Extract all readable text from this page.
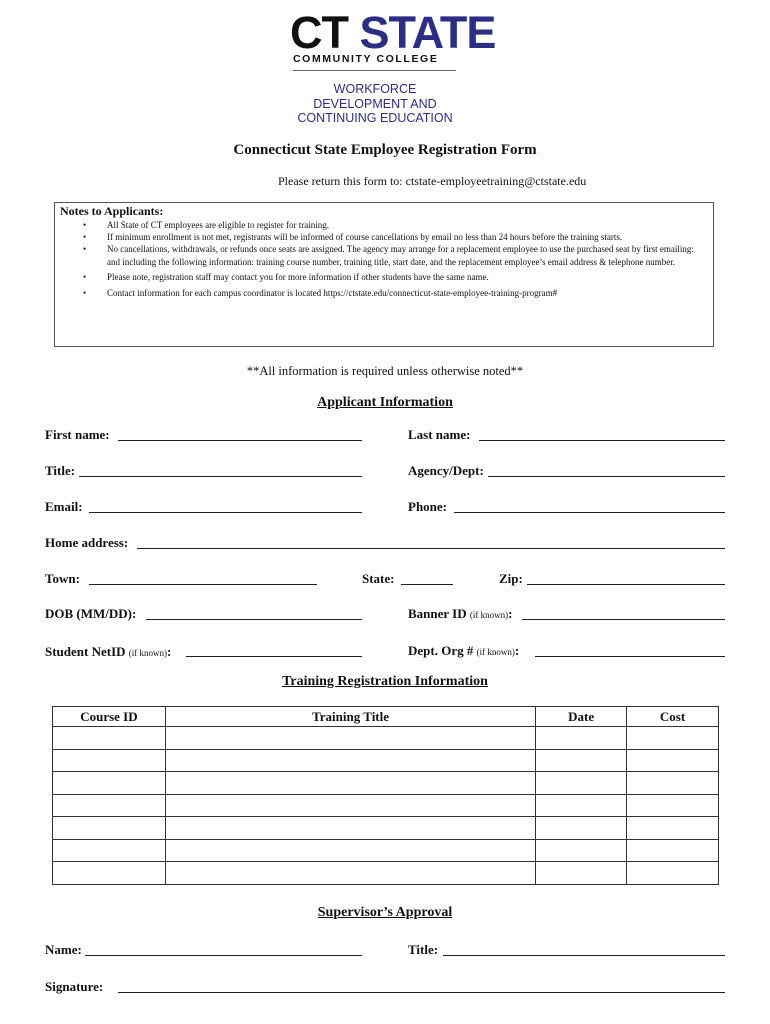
CT STATE
COMMUNITY COLLEGE
WORKFORCE
DEVELOPMENT AND
CONTINUING EDUCATION
Connecticut State Employee Registration Form
Please return this form to: ctstate-employeetraining@ctstate.edu
Notes to Applicants:
• All State of CT employees are eligible to register for training.
• If minimum enrollment is not met, registrants will be informed of course cancellations by email no less than 24 hours before the training starts.
• No cancellations, withdrawals, or refunds once seats are assigned. The agency may arrange for a replacement employee to use the purchased seat by first emailing: and including the following information: training course number, training title, start date, and the replacement employee’s email address & telephone number.
• Please note, registration staff may contact you for more information if other students have the same name.
• Contact information for each campus coordinator is located https://ctstate.edu/connecticut-state-employee-training-program#
**All information is required unless otherwise noted**
Applicant Information
First name:	Last name:
Title:	Agency/Dept:
Email:	Phone:
Home address:
Town:	State:	Zip:
DOB (MM/DD):	Banner ID (if known):
Student NetID (if known):	Dept. Org # (if known):
Training Registration Information
Course ID	Training Title	Date	Cost

Supervisor’s Approval
Name:	Title:
Signature:
